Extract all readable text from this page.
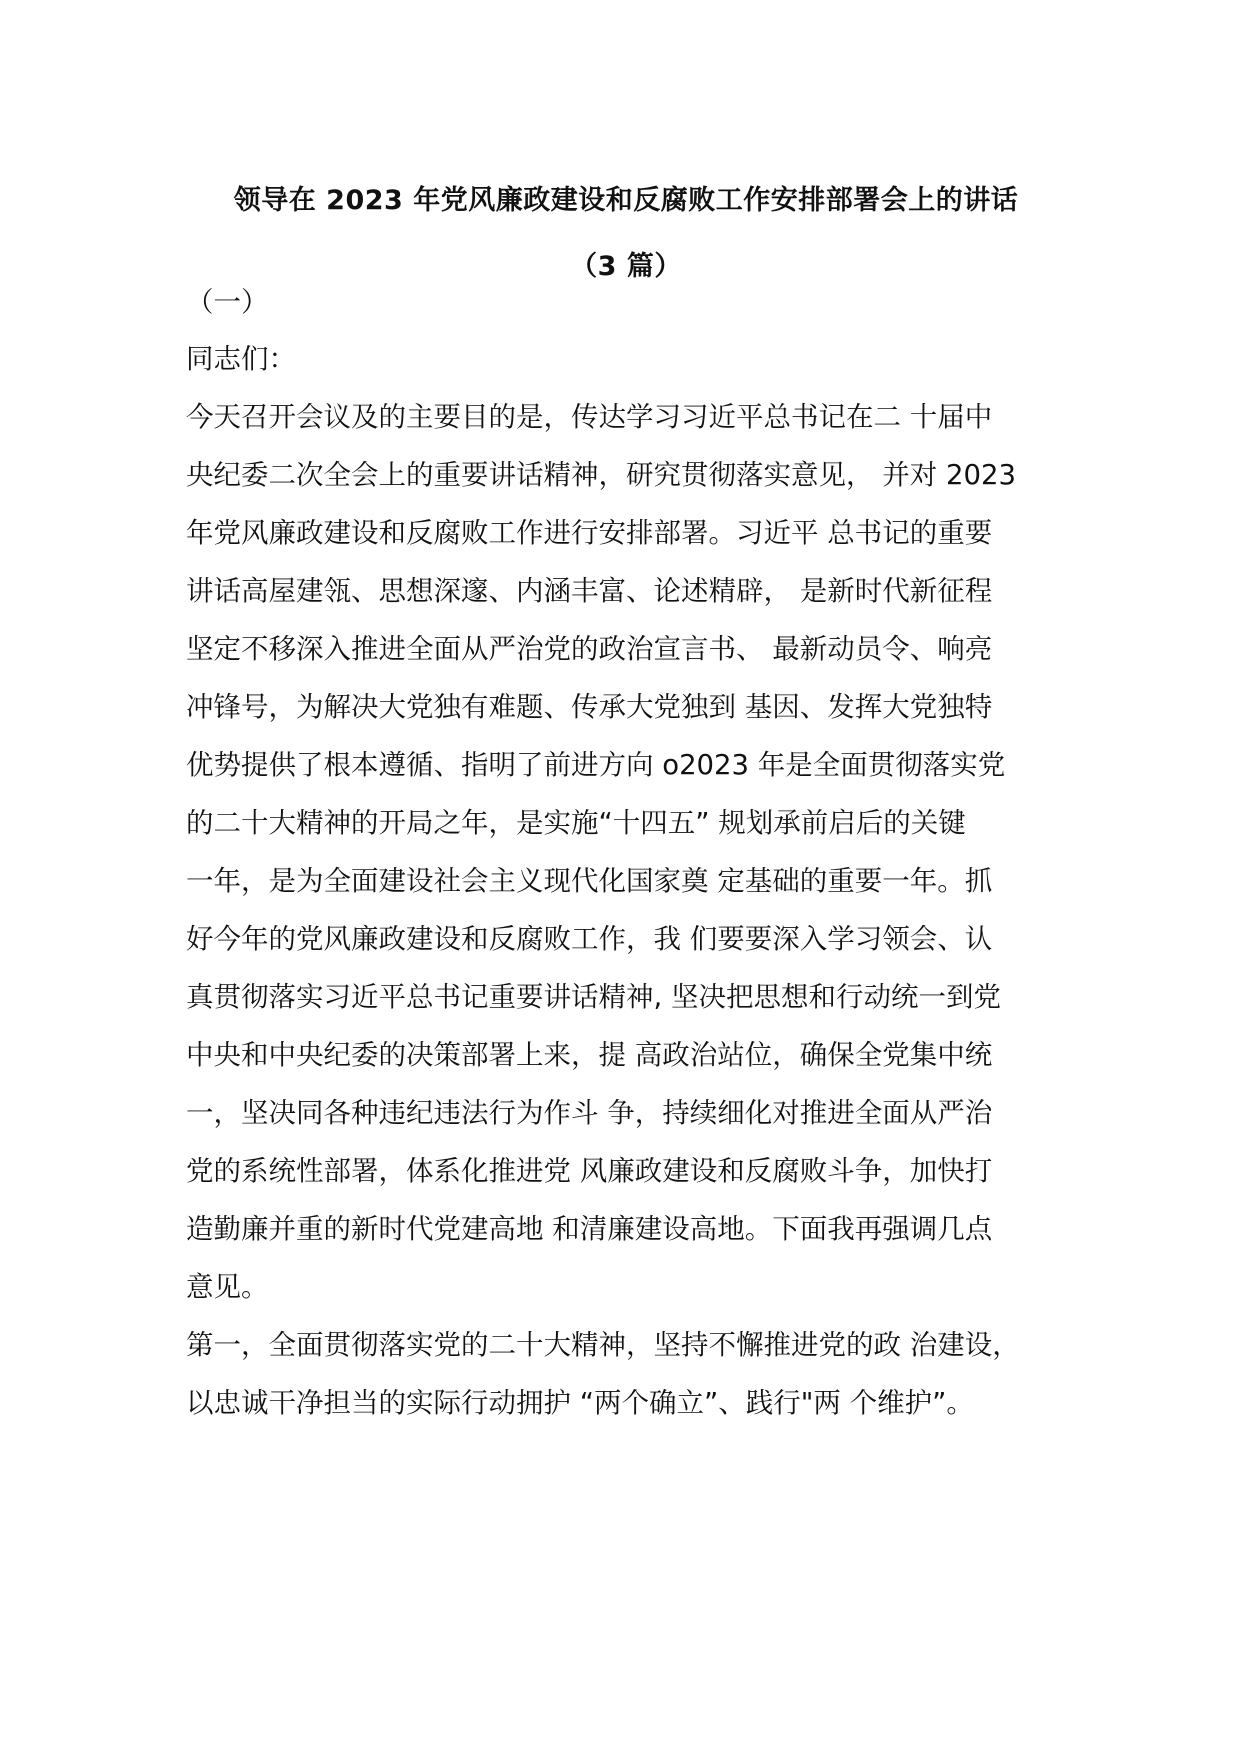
领导在 2023 年党风廉政建设和反腐败工作安排部署会上的讲话
（3 篇）
（一）
同志们：
今天召开会议及的主要目的是，传达学习习近平总书记在二 十届中
央纪委二次全会上的重要讲话精神，研究贯彻落实意见， 并对 2023
年党风廉政建设和反腐败工作进行安排部署。习近平 总书记的重要
讲话高屋建瓴、思想深邃、内涵丰富、论述精辟， 是新时代新征程
坚定不移深入推进全面从严治党的政治宣言书、 最新动员令、响亮
冲锋号，为解决大党独有难题、传承大党独到 基因、发挥大党独特
优势提供了根本遵循、指明了前进方向 o2023 年是全面贯彻落实党
的二十大精神的开局之年，是实施“十四五” 规划承前启后的关键
一年，是为全面建设社会主义现代化国家奠 定基础的重要一年。抓
好今年的党风廉政建设和反腐败工作，我 们要要深入学习领会、认
真贯彻落实习近平总书记重要讲话精神, 坚决把思想和行动统一到党
中央和中央纪委的决策部署上来，提 高政治站位，确保全党集中统
一，坚决同各种违纪违法行为作斗 争，持续细化对推进全面从严治
党的系统性部署，体系化推进党 风廉政建设和反腐败斗争，加快打
造勤廉并重的新时代党建高地 和清廉建设高地。下面我再强调几点
意见。
第一，全面贯彻落实党的二十大精神，坚持不懈推进党的政 治建设，
以忠诚干净担当的实际行动拥护 “两个确立”、践行"两 个维护”。
